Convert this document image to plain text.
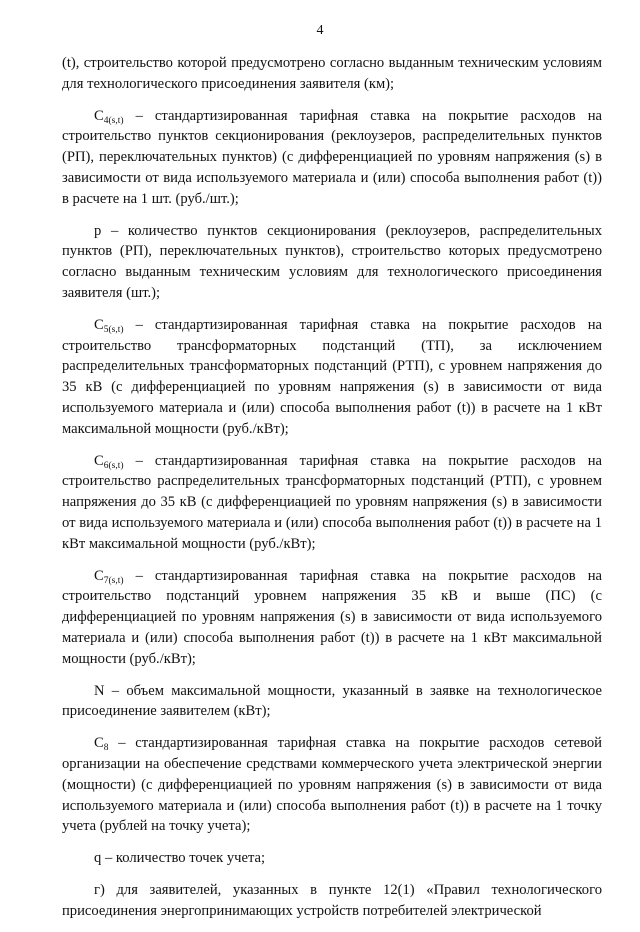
4

(t), строительство которой предусмотрено согласно выданным техническим условиям для технологического присоединения заявителя (км);

$C_{4(s,t)}$ – стандартизированная тарифная ставка на покрытие расходов на строительство пунктов секционирования (реклоузеров, распределительных пунктов (РП), переключательных пунктов) (с дифференциацией по уровням напряжения (s) в зависимости от вида используемого материала и (или) способа выполнения работ (t)) в расчете на 1 шт. (руб./шт.);

p – количество пунктов секционирования (реклоузеров, распределительных пунктов (РП), переключательных пунктов), строительство которых предусмотрено согласно выданным техническим условиям для технологического присоединения заявителя (шт.);

$C_{5(s,t)}$ – стандартизированная тарифная ставка на покрытие расходов на строительство трансформаторных подстанций (ТП), за исключением распределительных трансформаторных подстанций (РТП), с уровнем напряжения до 35 кВ (с дифференциацией по уровням напряжения (s) в зависимости от вида используемого материала и (или) способа выполнения работ (t)) в расчете на 1 кВт максимальной мощности (руб./кВт);

$C_{6(s,t)}$ – стандартизированная тарифная ставка на покрытие расходов на строительство распределительных трансформаторных подстанций (РТП), с уровнем напряжения до 35 кВ (с дифференциацией по уровням напряжения (s) в зависимости от вида используемого материала и (или) способа выполнения работ (t)) в расчете на 1 кВт максимальной мощности (руб./кВт);

$C_{7(s,t)}$ – стандартизированная тарифная ставка на покрытие расходов на строительство подстанций уровнем напряжения 35 кВ и выше (ПС) (с дифференциацией по уровням напряжения (s) в зависимости от вида используемого материала и (или) способа выполнения работ (t)) в расчете на 1 кВт максимальной мощности (руб./кВт);

N – объем максимальной мощности, указанный в заявке на технологическое присоединение заявителем (кВт);

$C_8$ – стандартизированная тарифная ставка на покрытие расходов сетевой организации на обеспечение средствами коммерческого учета электрической энергии (мощности) (с дифференциацией по уровням напряжения (s) в зависимости от вида используемого материала и (или) способа выполнения работ (t)) в расчете на 1 точку учета (рублей на точку учета);

q – количество точек учета;

г) для заявителей, указанных в пункте 12(1) «Правил технологического присоединения энергопринимающих устройств потребителей электрической
